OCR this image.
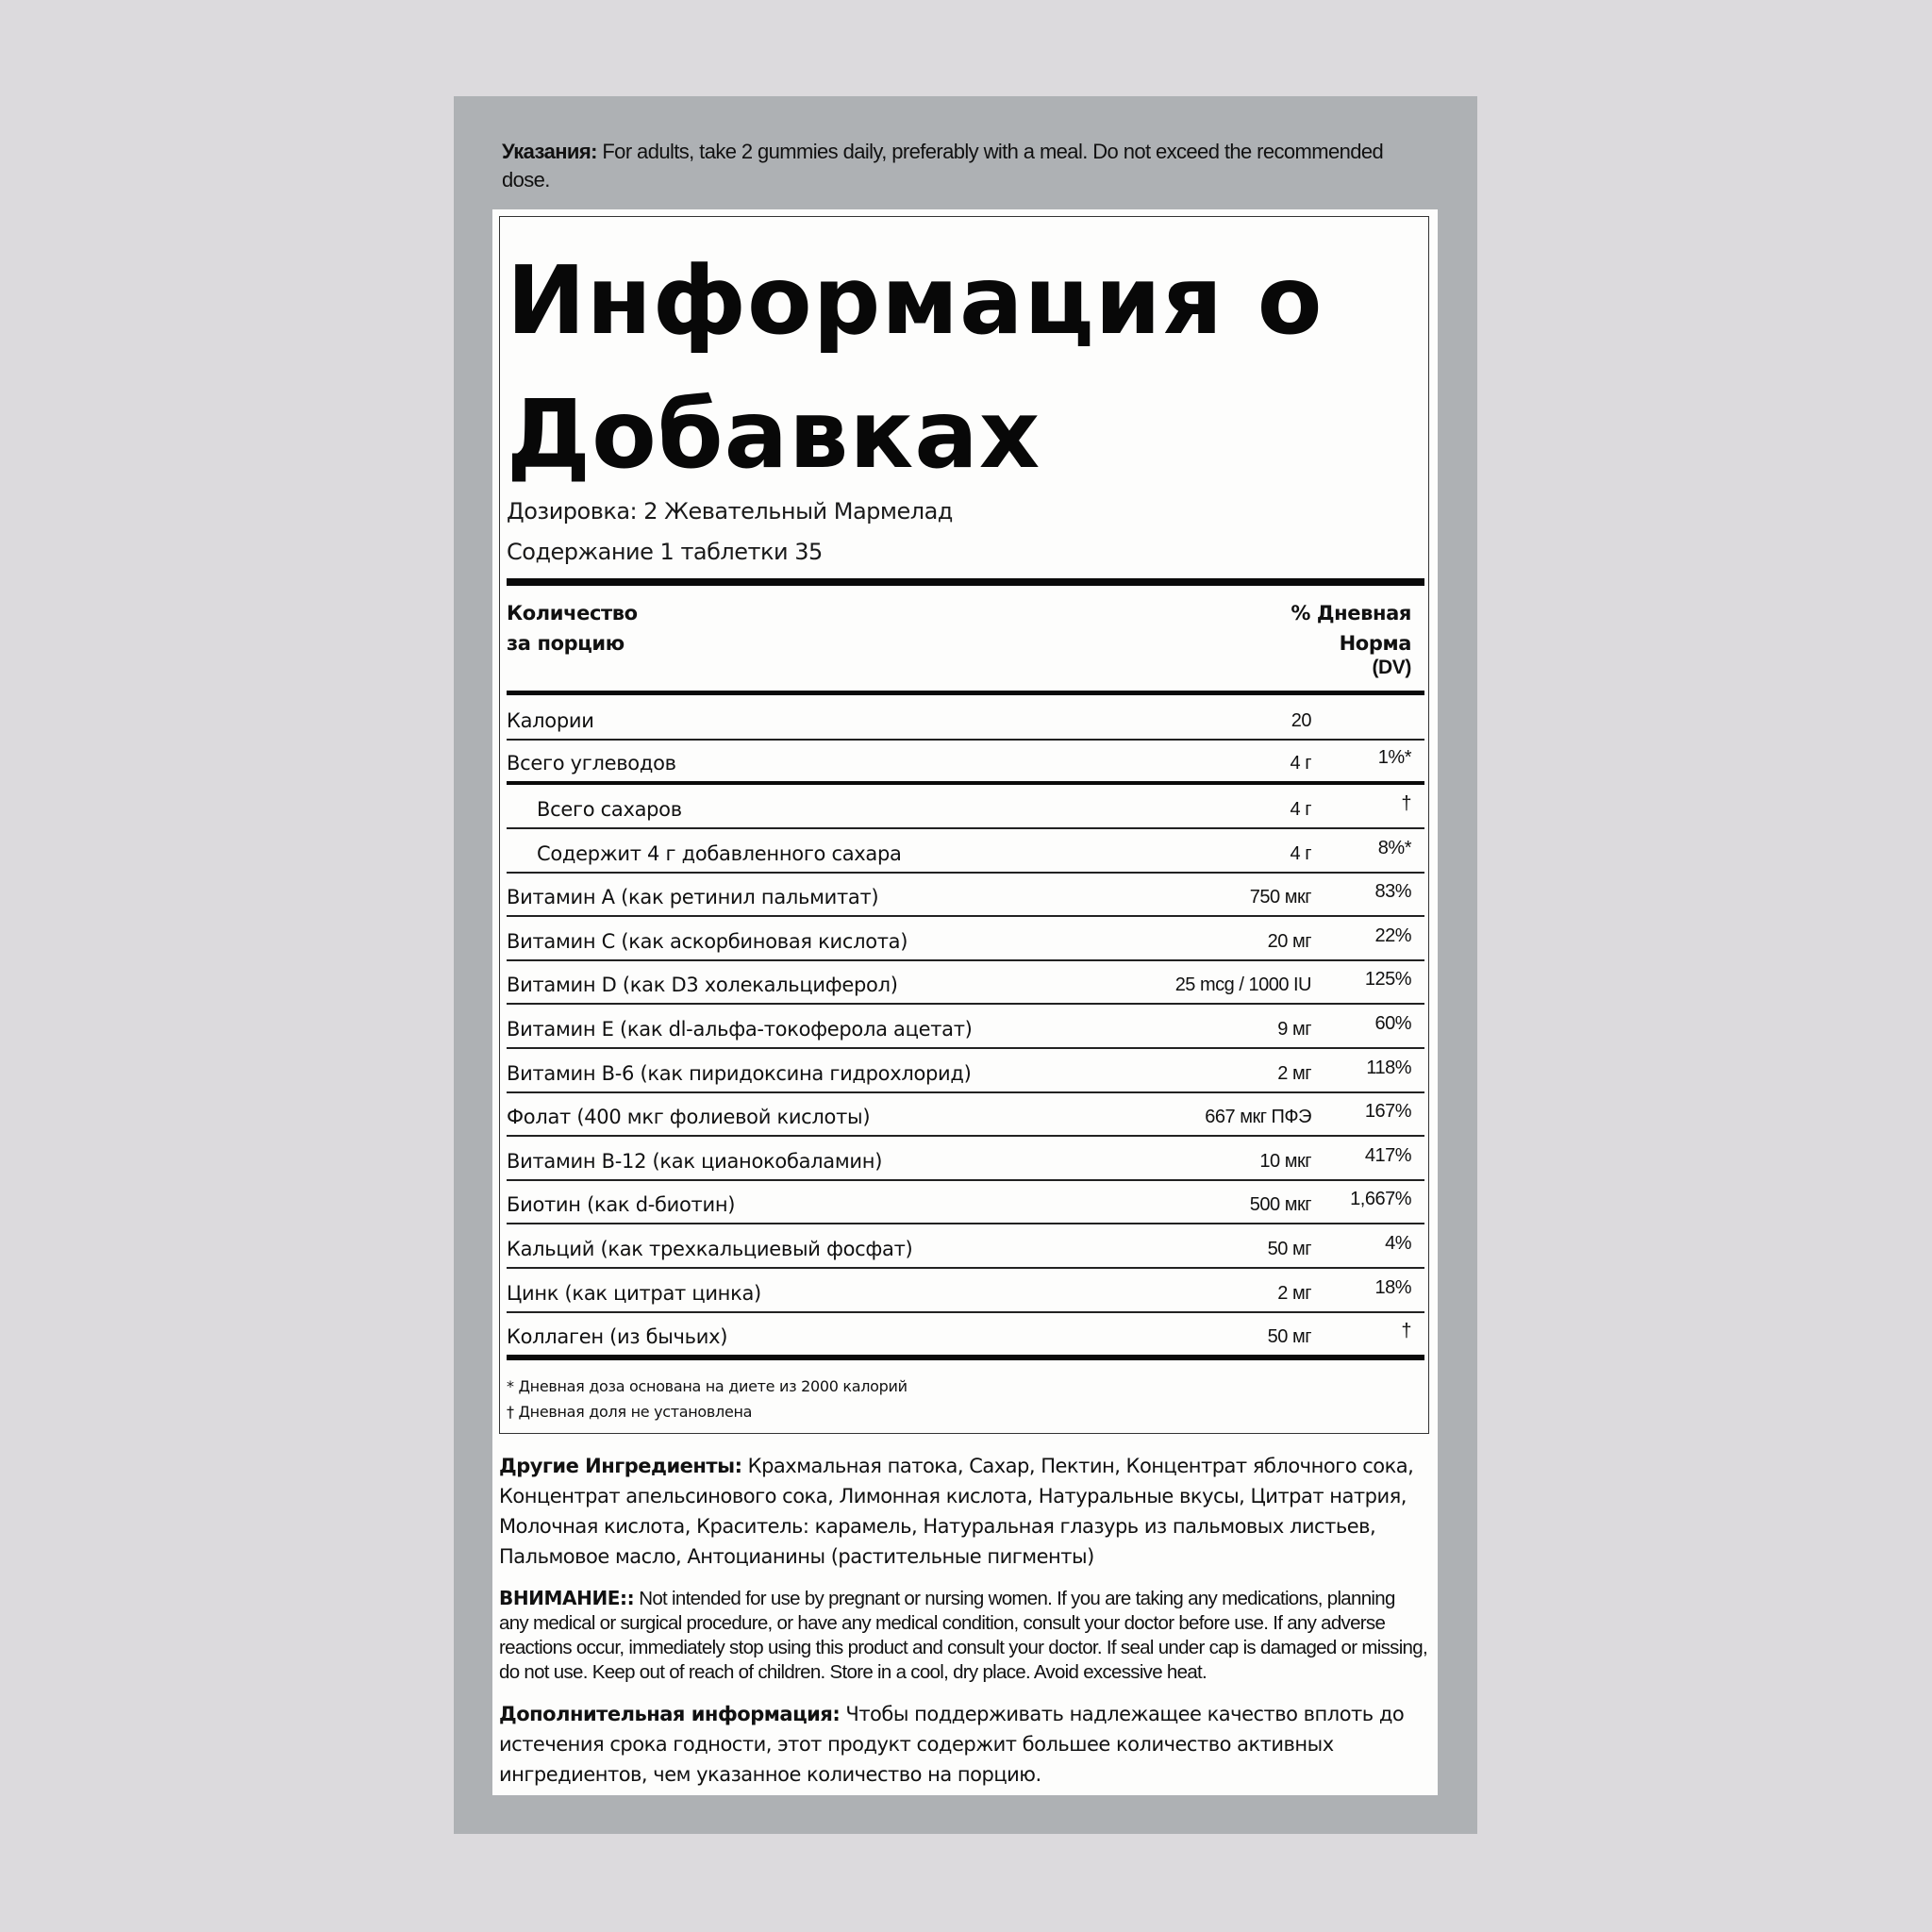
Указания: For adults, take 2 gummies daily, preferably with a meal. Do not exceed the recommended dose.
Информация о Добавках
Дозировка: 2 Жевательный Мармелад
Содержание 1 таблетки 35
Количество
за порцию
% Дневная
Норма
(DV)
Калории	20
Всего углеводов	4 г	1%*
Всего сахаров	4 г	†
Содержит 4 г добавленного сахара	4 г	8%*
Витамин A (как ретинил пальмитат)	750 мкг	83%
Витамин C (как аскорбиновая кислота)	20 мг	22%
Витамин D (как D3 холекальциферол)	25 mcg / 1000 IU	125%
Витамин E (как dl-альфа-токоферола ацетат)	9 мг	60%
Витамин B-6 (как пиридоксина гидрохлорид)	2 мг	118%
Фолат (400 мкг фолиевой кислоты)	667 мкг ПФЭ	167%
Витамин B-12 (как цианокобаламин)	10 мкг	417%
Биотин (как d-биотин)	500 мкг 1,667%
Кальций (как трехкальциевый фосфат)	50 мг	4%
Цинк (как цитрат цинка)	2 мг	18%
Коллаген (из бычьих)	50 мг	†
* Дневная доза основана на диете из 2000 калорий
† Дневная доля не установлена
Другие Ингредиенты: Крахмальная патока, Сахар, Пектин, Концентрат яблочного сока, Концентрат апельсинового сока, Лимонная кислота, Натуральные вкусы, Цитрат натрия, Молочная кислота, Краситель: карамель, Натуральная глазурь из пальмовых листьев, Пальмовое масло, Антоцианины (растительные пигменты)
ВНИМАНИЕ:: Not intended for use by pregnant or nursing women. If you are taking any medications, planning any medical or surgical procedure, or have any medical condition, consult your doctor before use. If any adverse reactions occur, immediately stop using this product and consult your doctor. If seal under cap is damaged or missing, do not use. Keep out of reach of children. Store in a cool, dry place. Avoid excessive heat.
Дополнительная информация: Чтобы поддерживать надлежащее качество вплоть до истечения срока годности, этот продукт содержит большее количество активных ингредиентов, чем указанное количество на порцию.
